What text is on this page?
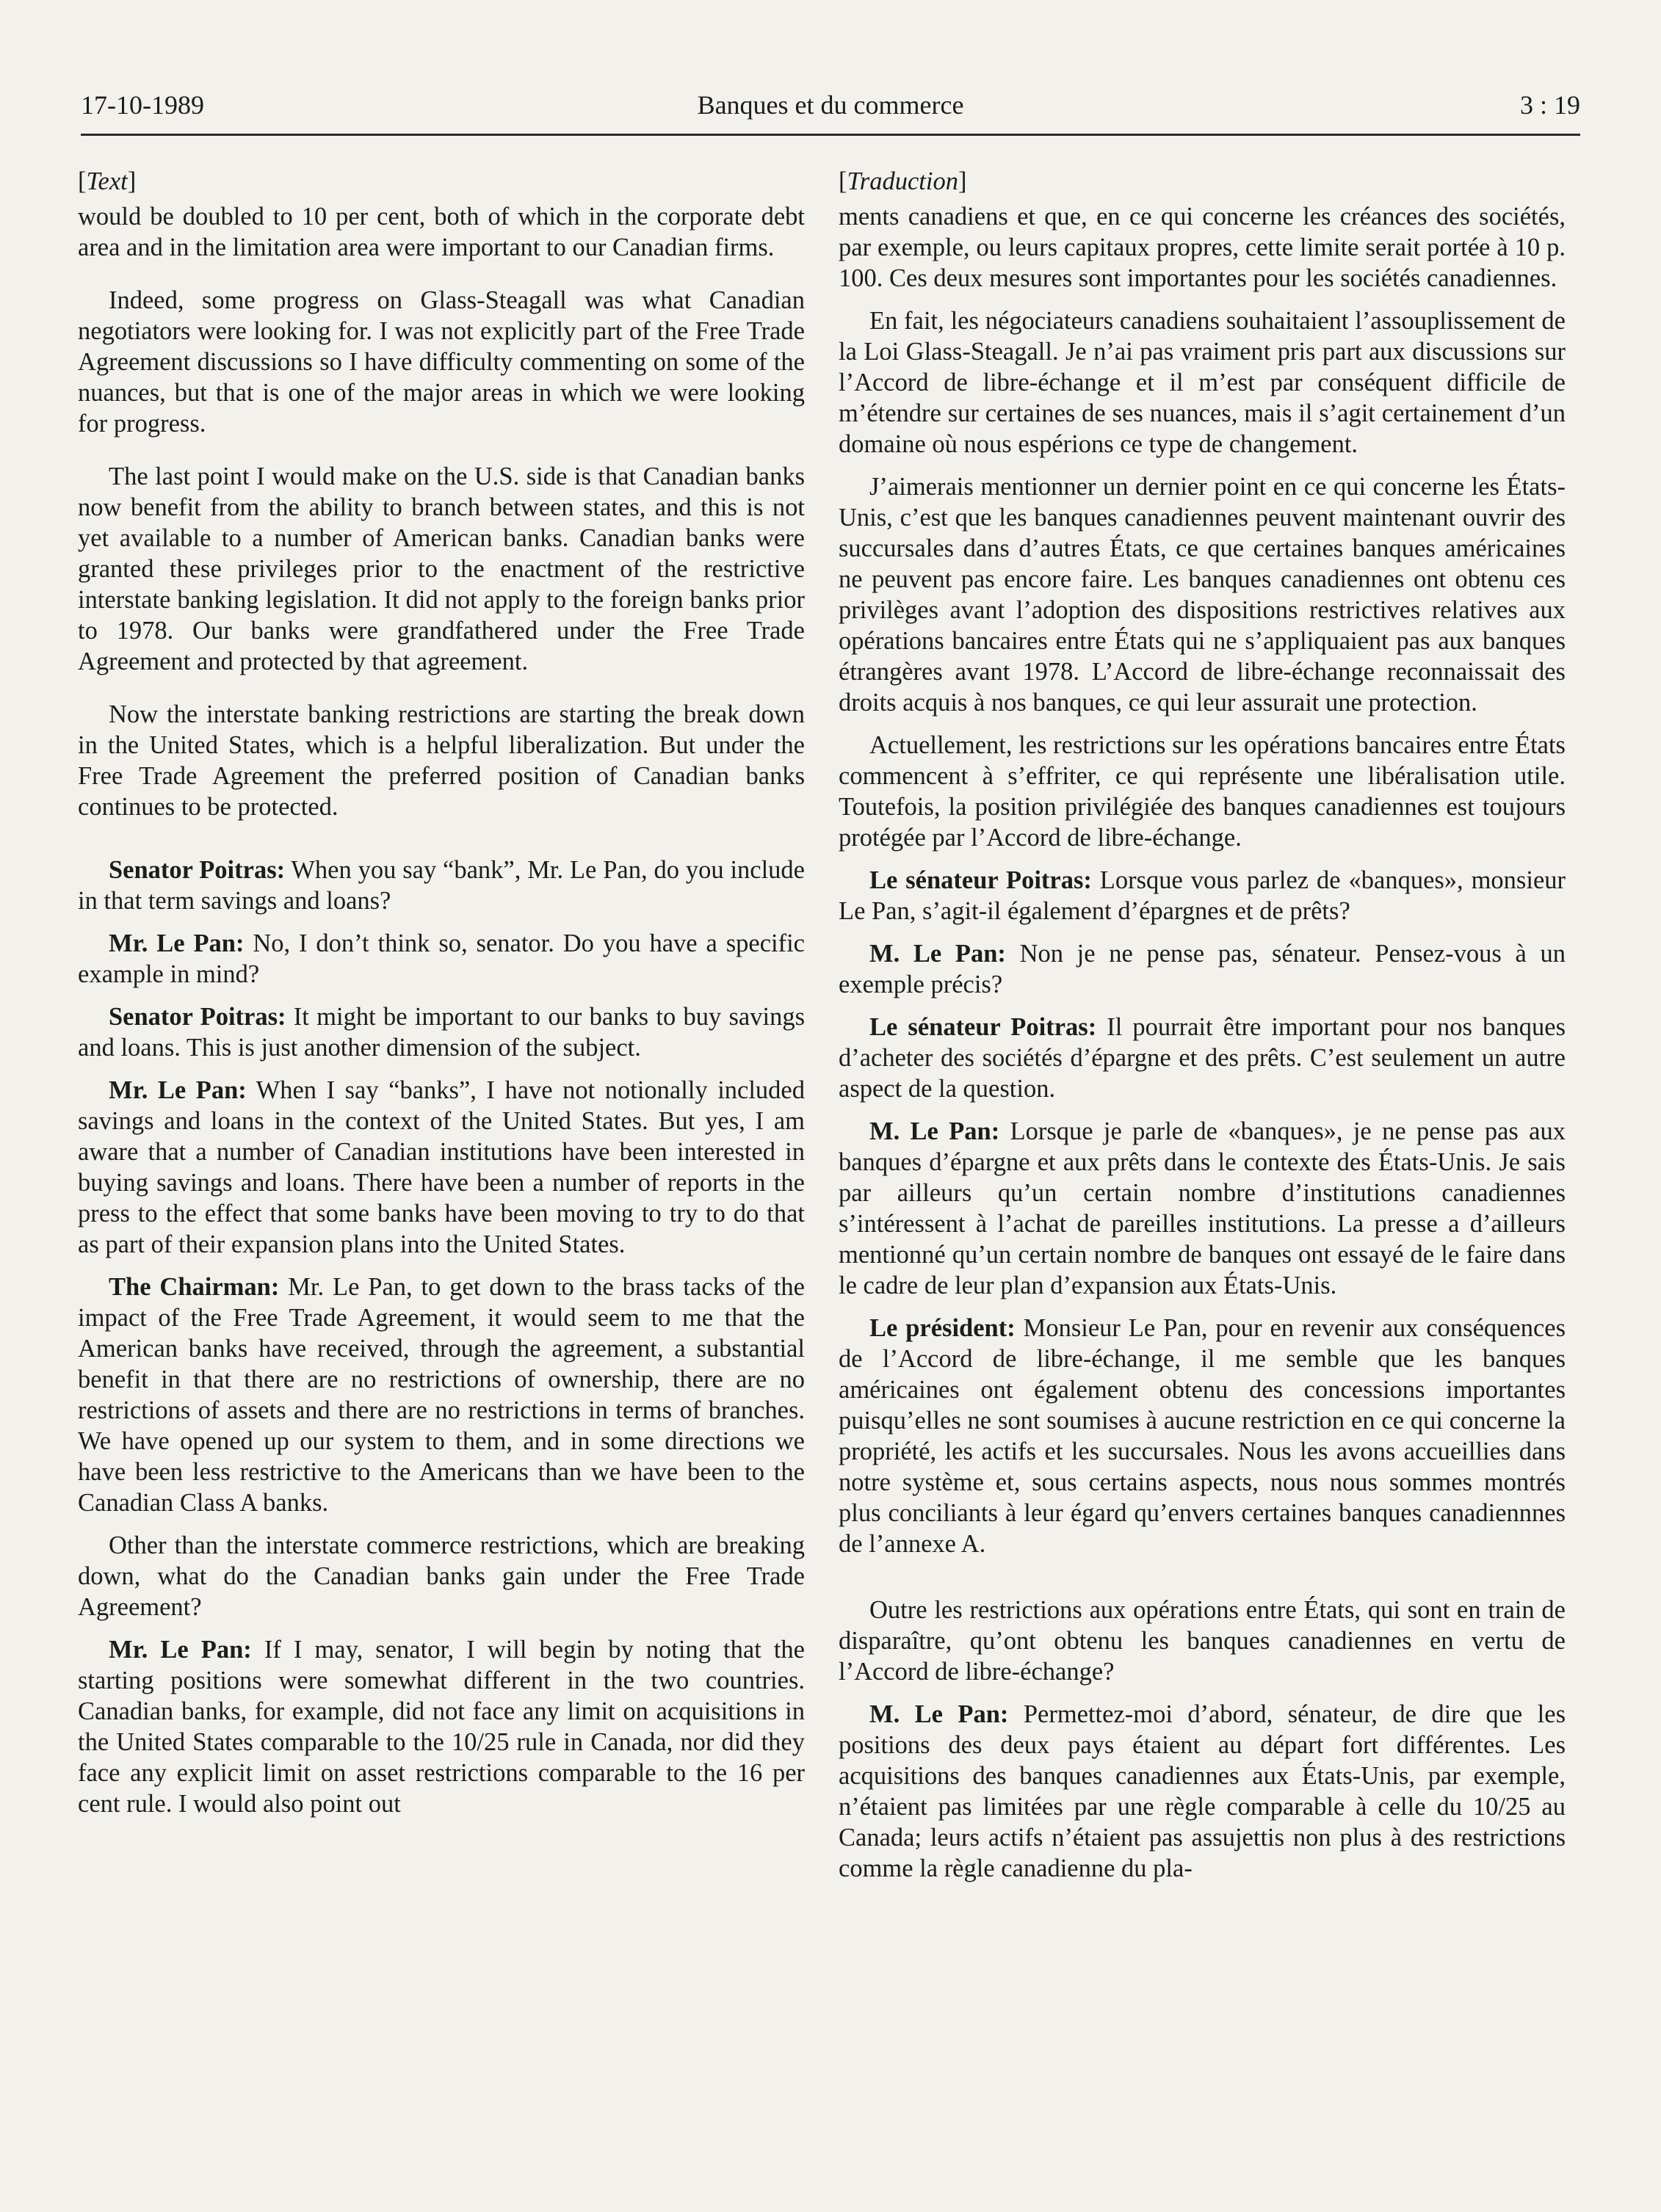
17-10-1989	Banques et du commerce	3 : 19
[Text]

would be doubled to 10 per cent, both of which in the corporate debt area and in the limitation area were important to our Canadian firms.

Indeed, some progress on Glass-Steagall was what Canadian negotiators were looking for. I was not explicitly part of the Free Trade Agreement discussions so I have difficulty commenting on some of the nuances, but that is one of the major areas in which we were looking for progress.

The last point I would make on the U.S. side is that Canadian banks now benefit from the ability to branch between states, and this is not yet available to a number of American banks. Canadian banks were granted these privileges prior to the enactment of the restrictive interstate banking legislation. It did not apply to the foreign banks prior to 1978. Our banks were grandfathered under the Free Trade Agreement and protected by that agreement.

Now the interstate banking restrictions are starting the break down in the United States, which is a helpful liberalization. But under the Free Trade Agreement the preferred position of Canadian banks continues to be protected.

Senator Poitras: When you say “bank”, Mr. Le Pan, do you include in that term savings and loans?

Mr. Le Pan: No, I don’t think so, senator. Do you have a specific example in mind?

Senator Poitras: It might be important to our banks to buy savings and loans. This is just another dimension of the subject.

Mr. Le Pan: When I say “banks”, I have not notionally included savings and loans in the context of the United States. But yes, I am aware that a number of Canadian institutions have been interested in buying savings and loans. There have been a number of reports in the press to the effect that some banks have been moving to try to do that as part of their expansion plans into the United States.

The Chairman: Mr. Le Pan, to get down to the brass tacks of the impact of the Free Trade Agreement, it would seem to me that the American banks have received, through the agreement, a substantial benefit in that there are no restrictions of ownership, there are no restrictions of assets and there are no restrictions in terms of branches. We have opened up our system to them, and in some directions we have been less restrictive to the Americans than we have been to the Canadian Class A banks.

Other than the interstate commerce restrictions, which are breaking down, what do the Canadian banks gain under the Free Trade Agreement?

Mr. Le Pan: If I may, senator, I will begin by noting that the starting positions were somewhat different in the two countries. Canadian banks, for example, did not face any limit on acquisitions in the United States comparable to the 10/25 rule in Canada, nor did they face any explicit limit on asset restrictions comparable to the 16 per cent rule. I would also point out

[Traduction]

ments canadiens et que, en ce qui concerne les créances des sociétés, par exemple, ou leurs capitaux propres, cette limite serait portée à 10 p. 100. Ces deux mesures sont importantes pour les sociétés canadiennes.

En fait, les négociateurs canadiens souhaitaient l’assouplissement de la Loi Glass-Steagall. Je n’ai pas vraiment pris part aux discussions sur l’Accord de libre-échange et il m’est par conséquent difficile de m’étendre sur certaines de ses nuances, mais il s’agit certainement d’un domaine où nous espérions ce type de changement.

J’aimerais mentionner un dernier point en ce qui concerne les États-Unis, c’est que les banques canadiennes peuvent maintenant ouvrir des succursales dans d’autres États, ce que certaines banques américaines ne peuvent pas encore faire. Les banques canadiennes ont obtenu ces privilèges avant l’adoption des dispositions restrictives relatives aux opérations bancaires entre États qui ne s’appliquaient pas aux banques étrangères avant 1978. L’Accord de libre-échange reconnaissait des droits acquis à nos banques, ce qui leur assurait une protection.

Actuellement, les restrictions sur les opérations bancaires entre États commencent à s’effriter, ce qui représente une libéralisation utile. Toutefois, la position privilégiée des banques canadiennes est toujours protégée par l’Accord de libre-échange.

Le sénateur Poitras: Lorsque vous parlez de «banques», monsieur Le Pan, s’agit-il également d’épargnes et de prêts?

M. Le Pan: Non je ne pense pas, sénateur. Pensez-vous à un exemple précis?

Le sénateur Poitras: Il pourrait être important pour nos banques d’acheter des sociétés d’épargne et des prêts. C’est seulement un autre aspect de la question.

M. Le Pan: Lorsque je parle de «banques», je ne pense pas aux banques d’épargne et aux prêts dans le contexte des États-Unis. Je sais par ailleurs qu’un certain nombre d’institutions canadiennes s’intéressent à l’achat de pareilles institutions. La presse a d’ailleurs mentionné qu’un certain nombre de banques ont essayé de le faire dans le cadre de leur plan d’expansion aux États-Unis.

Le président: Monsieur Le Pan, pour en revenir aux conséquences de l’Accord de libre-échange, il me semble que les banques américaines ont également obtenu des concessions importantes puisqu’elles ne sont soumises à aucune restriction en ce qui concerne la propriété, les actifs et les succursales. Nous les avons accueillies dans notre système et, sous certains aspects, nous nous sommes montrés plus conciliants à leur égard qu’envers certaines banques canadiennnes de l’annexe A.

Outre les restrictions aux opérations entre États, qui sont en train de disparaître, qu’ont obtenu les banques canadiennes en vertu de l’Accord de libre-échange?

M. Le Pan: Permettez-moi d’abord, sénateur, de dire que les positions des deux pays étaient au départ fort différentes. Les acquisitions des banques canadiennes aux États-Unis, par exemple, n’étaient pas limitées par une règle comparable à celle du 10/25 au Canada; leurs actifs n’étaient pas assujettis non plus à des restrictions comme la règle canadienne du pla-
